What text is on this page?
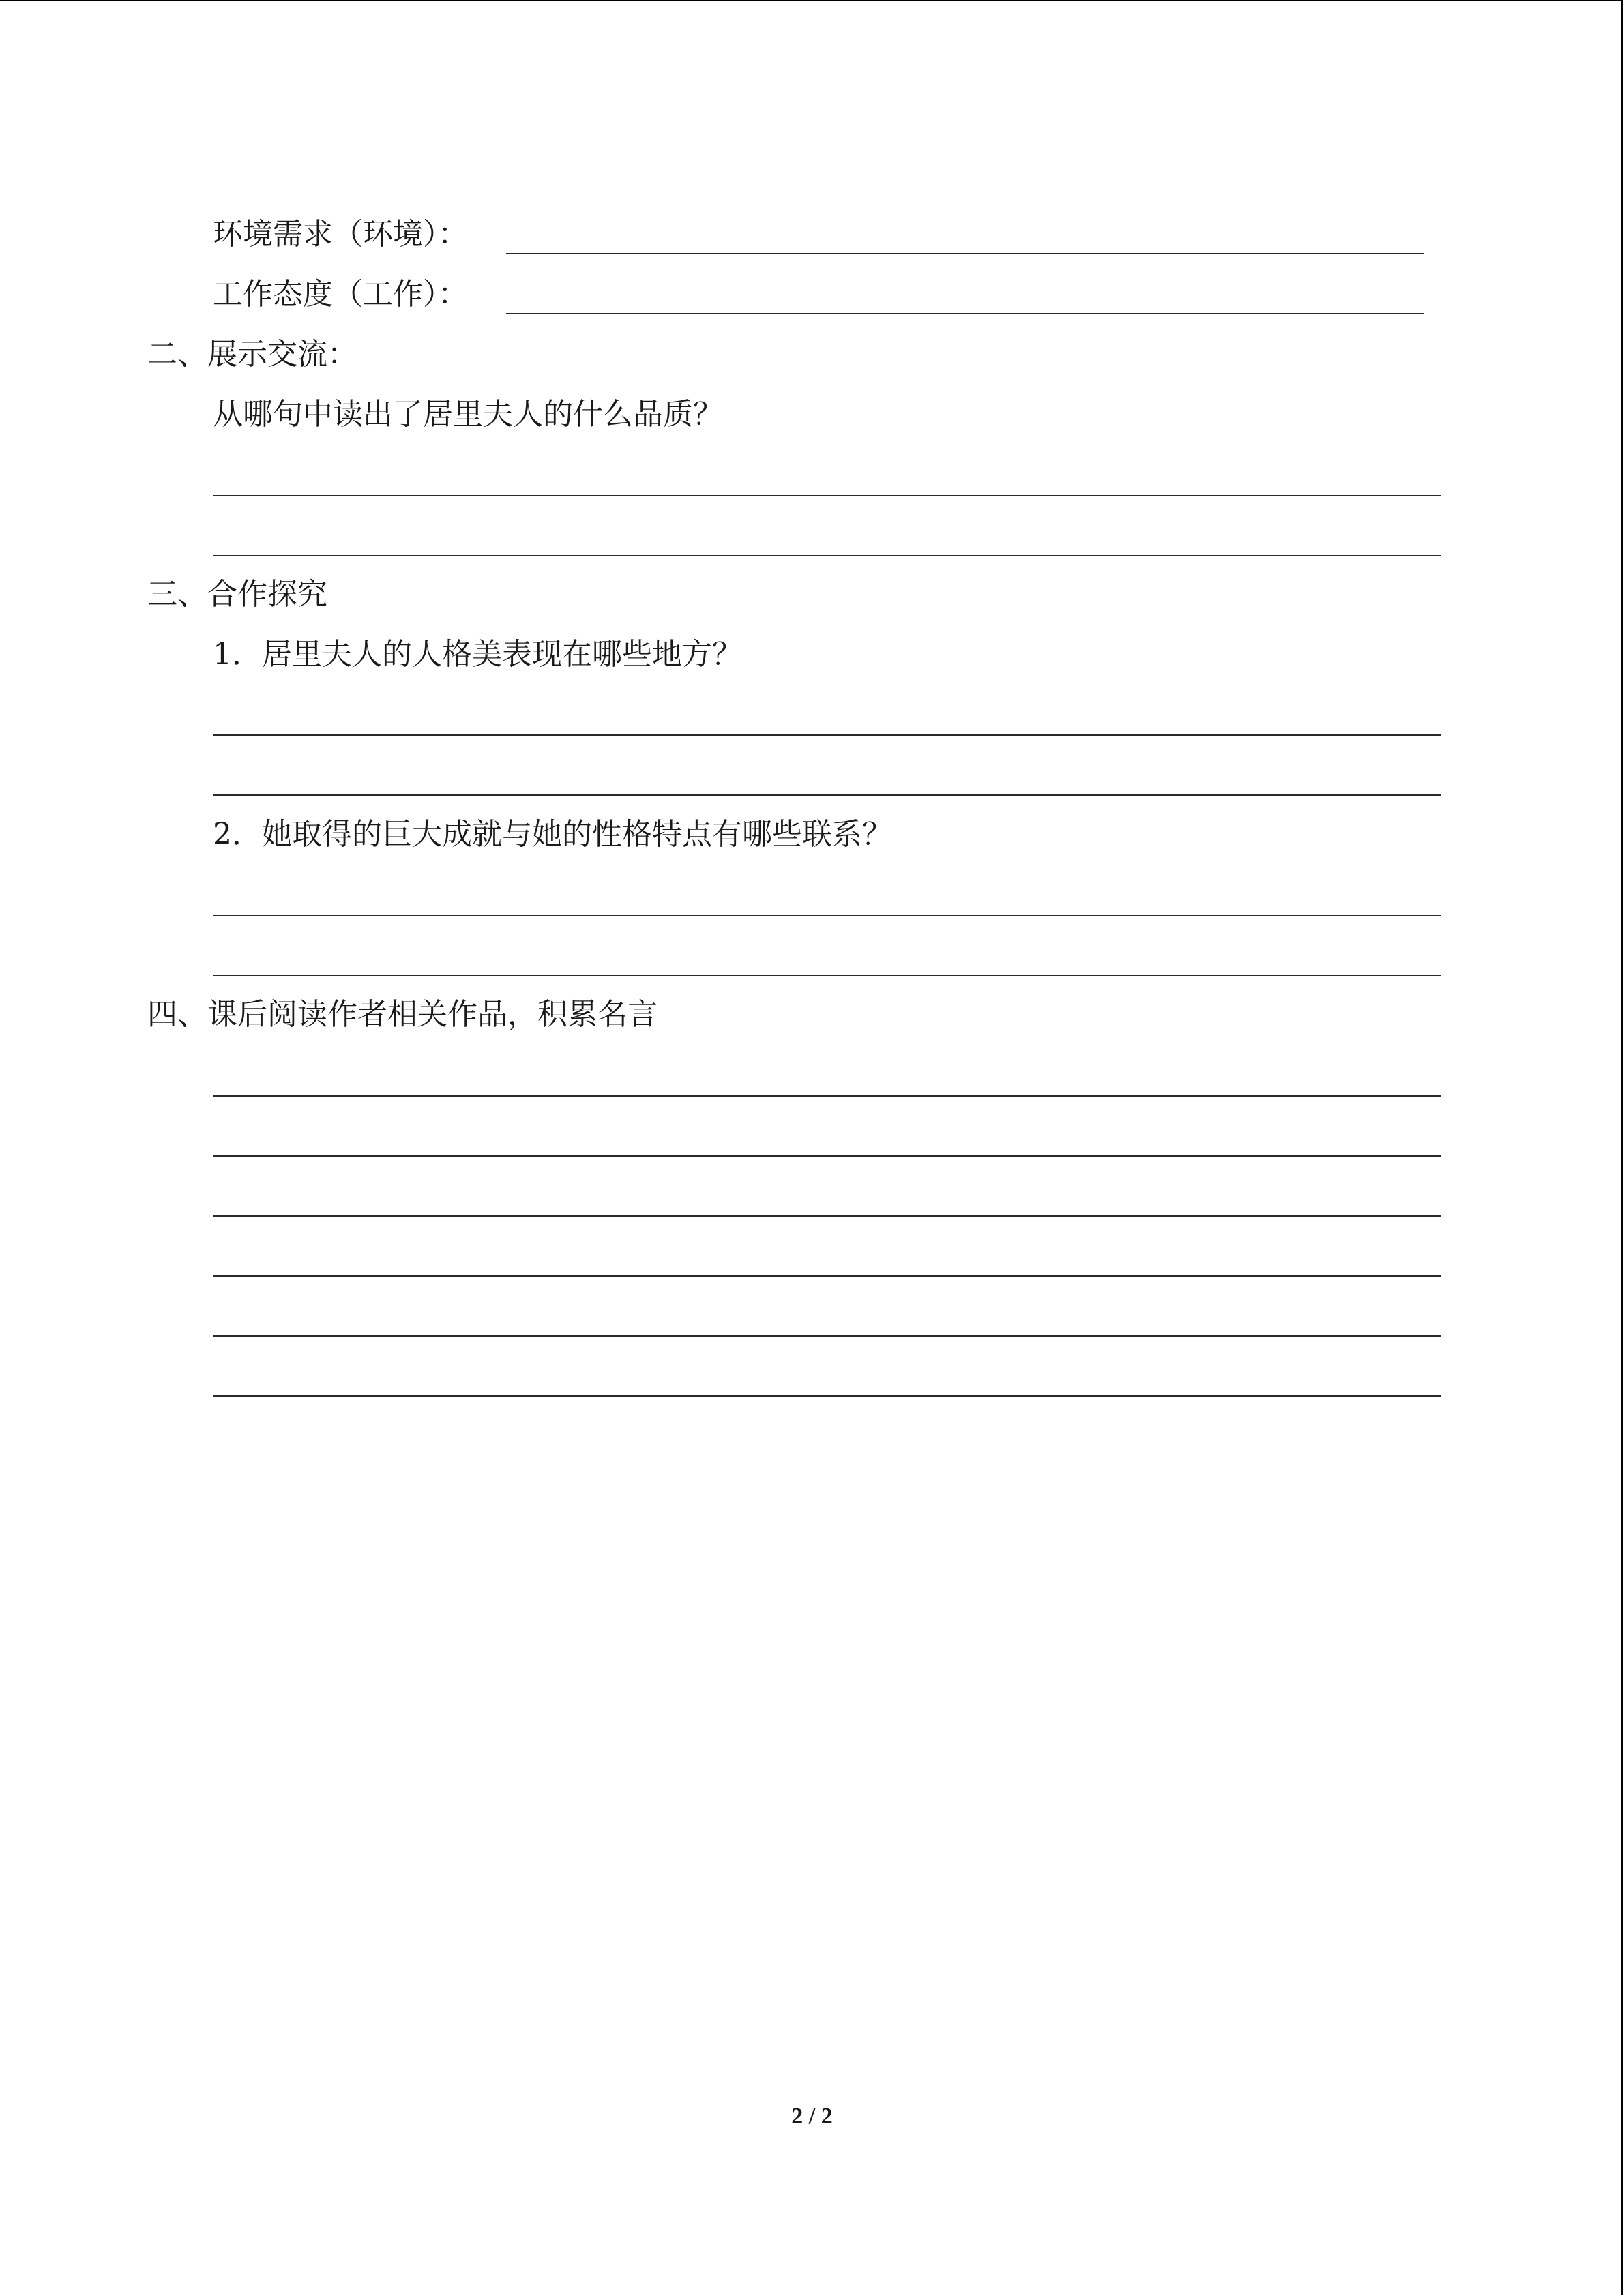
环境需求（环境）：
工作态度（工作）：
二、展示交流：
从哪句中读出了居里夫人的什么品质？
三、合作探究
1．居里夫人的人格美表现在哪些地方？
2．她取得的巨大成就与她的性格特点有哪些联系？
四、课后阅读作者相关作品，积累名言
2 / 2
